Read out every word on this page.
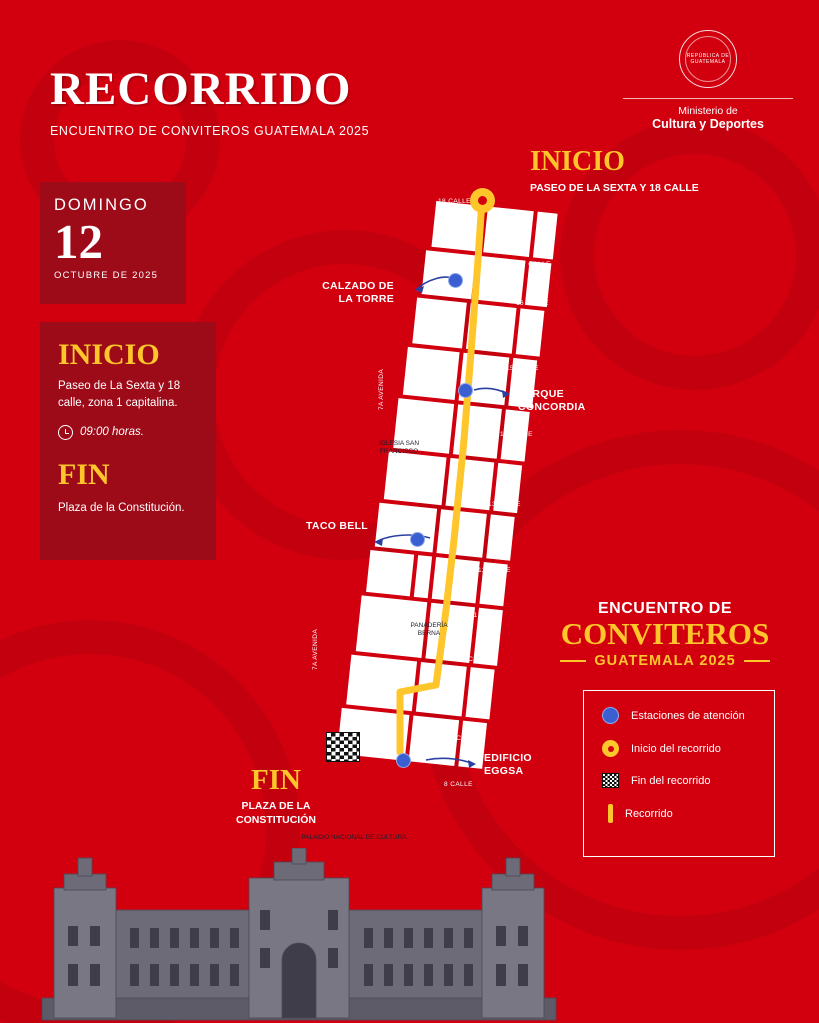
RECORRIDO
ENCUENTRO DE CONVITEROS GUATEMALA 2025
REPÚBLICA DE GUATEMALA
Ministerio de
Cultura y Deportes
DOMINGO
12
OCTUBRE DE 2025
INICIO
Paseo de La Sexta y 18 calle, zona 1 capitalina.
09:00 horas.
FIN
Plaza de la Constitución.
INICIO
PASEO DE LA SEXTA Y 18 CALLE
FIN
PLAZA DE LA CONSTITUCIÓN
18 CALLE
17 CALLE
16 CALLE
15 CALLE
14 CALLE
13 CALLE
12 CALLE
11 CALLE
10 CALLE
9 CALLE
8 CALLE
7A AVENIDA
7A AVENIDA
IGLESIA SAN FRANCISCO
PANADERÍA BERNA
PALACIO NACIONAL DE CULTURA
CALZADO DE LA TORRE
PARQUE CONCORDIA
TACO BELL
EDIFICIO EGGSA
ENCUENTRO DE
CONVITEROS
GUATEMALA 2025
Estaciones de atención
Inicio del recorrido
Fin del recorrido
Recorrido
